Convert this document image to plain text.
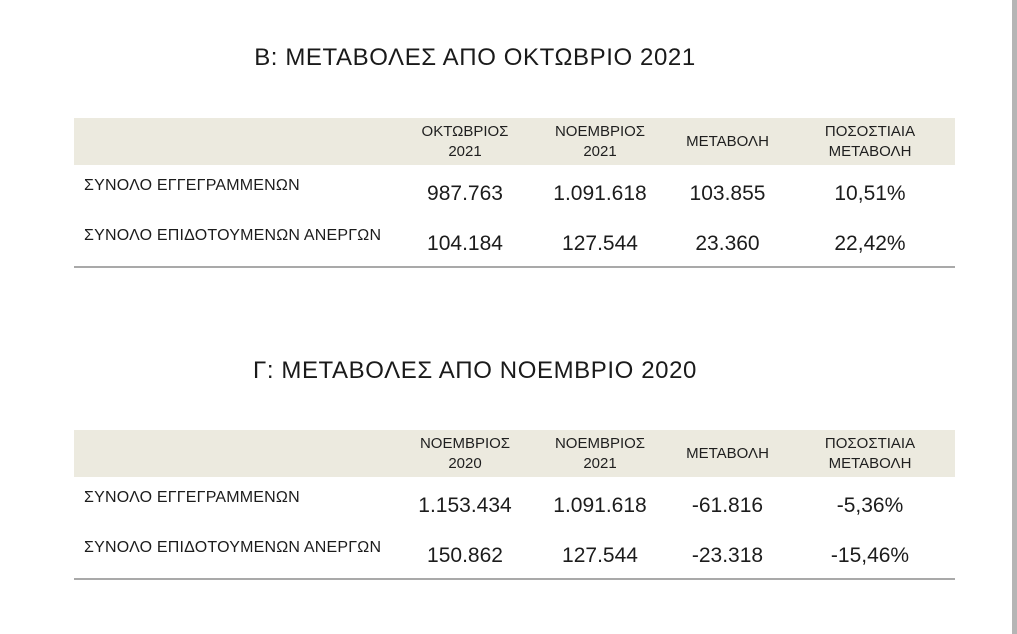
Β: ΜΕΤΑΒΟΛΕΣ ΑΠΟ ΟΚΤΩΒΡΙΟ 2021
	ΟΚΤΩΒΡΙΟΣ 2021	ΝΟΕΜΒΡΙΟΣ 2021	ΜΕΤΑΒΟΛΗ	ΠΟΣΟΣΤΙΑΙΑ ΜΕΤΑΒΟΛΗ
ΣΥΝΟΛΟ ΕΓΓΕΓΡΑΜΜΕΝΩΝ	987.763	1.091.618	103.855	10,51%
ΣΥΝΟΛΟ ΕΠΙΔΟΤΟΥΜΕΝΩΝ ΑΝΕΡΓΩΝ	104.184	127.544	23.360	22,42%
Γ: ΜΕΤΑΒΟΛΕΣ ΑΠΟ ΝΟΕΜΒΡΙΟ 2020
	ΝΟΕΜΒΡΙΟΣ 2020	ΝΟΕΜΒΡΙΟΣ 2021	ΜΕΤΑΒΟΛΗ	ΠΟΣΟΣΤΙΑΙΑ ΜΕΤΑΒΟΛΗ
ΣΥΝΟΛΟ ΕΓΓΕΓΡΑΜΜΕΝΩΝ	1.153.434	1.091.618	-61.816	-5,36%
ΣΥΝΟΛΟ ΕΠΙΔΟΤΟΥΜΕΝΩΝ ΑΝΕΡΓΩΝ	150.862	127.544	-23.318	-15,46%
